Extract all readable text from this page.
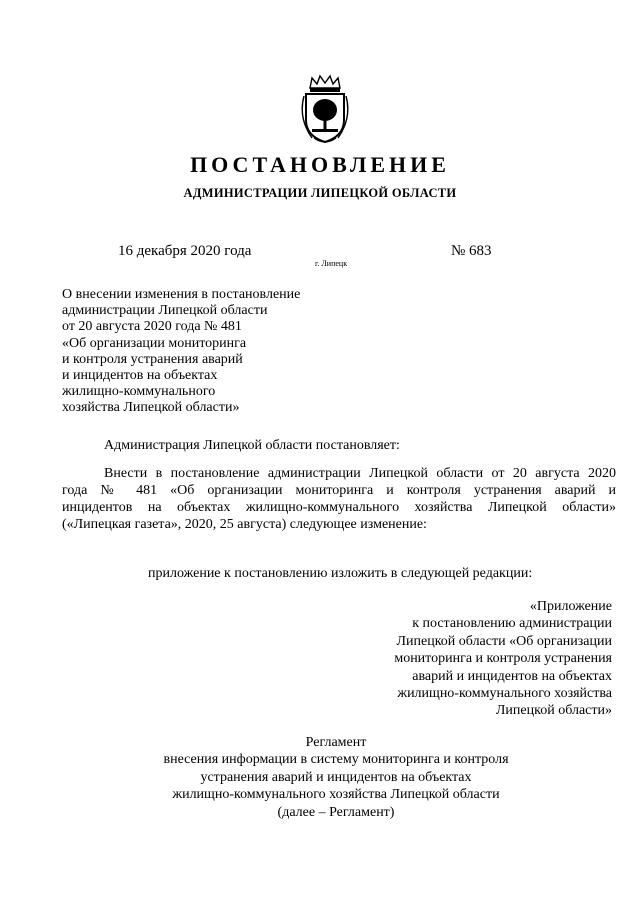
ПОСТАНОВЛЕНИЕ
АДМИНИСТРАЦИИ ЛИПЕЦКОЙ ОБЛАСТИ
16 декабря 2020 года
г. Липецк
№ 683
О внесении изменения в постановление
администрации Липецкой области
от 20 августа 2020 года № 481
«Об организации мониторинга
и контроля устранения аварий
и инцидентов на объектах
жилищно-коммунального
хозяйства Липецкой области»
Администрация Липецкой области постановляет:
Внести в постановление администрации Липецкой области от 20 августа 2020
года № 481 «Об организации мониторинга и контроля устранения аварий и
инцидентов на объектах жилищно-коммунального хозяйства Липецкой области»
(«Липецкая газета», 2020, 25 августа) следующее изменение:
приложение к постановлению изложить в следующей редакции:
«Приложение
к постановлению администрации
Липецкой области «Об организации
мониторинга и контроля устранения
аварий и инцидентов на объектах
жилищно-коммунального хозяйства
Липецкой области»
Регламент
внесения информации в систему мониторинга и контроля
устранения аварий и инцидентов на объектах
жилищно-коммунального хозяйства Липецкой области
(далее – Регламент)
